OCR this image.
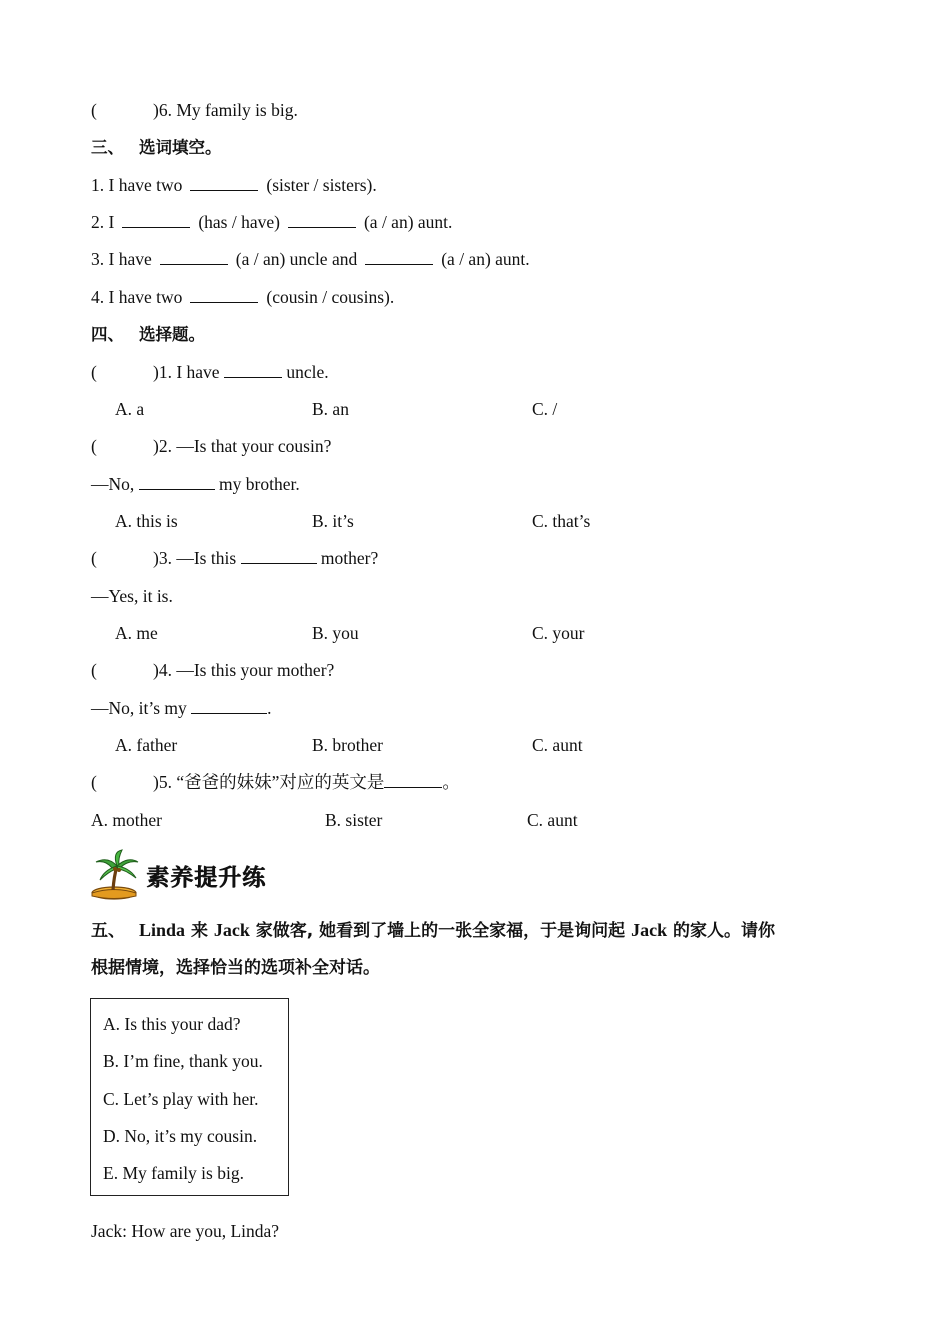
(	)6. My family is big.
三、 选词填空。
1. I have two	(sister / sisters).
2. I	(has / have)	(a / an) aunt.
3. I have	(a / an) uncle and	(a / an) aunt.
4. I have two	(cousin / cousins).
四、 选择题。
(	)1. I have	uncle.
A. a	B. an	C. /
(	)2. —Is that your cousin?
—No,	my brother.
A. this is	B. it’s	C. that’s
(	)3. —Is this	mother?
—Yes, it is.
A. me	B. you	C. your
(	)4. —Is this your mother?
—No, it’s my	.
A. father	B. brother	C. aunt
(	)5. “爸爸的妹妹”对应的英文是	。
A. mother	B. sister	C. aunt
素养提升练
五、 Linda 来 Jack 家做客, 她看到了墙上的一张全家福，于是询问起 Jack 的家人。请你
根据情境，选择恰当的选项补全对话。
A. Is this your dad?
B. I’m fine, thank you.
C. Let’s play with her.
D. No, it’s my cousin.
E. My family is big.
Jack: How are you, Linda?
